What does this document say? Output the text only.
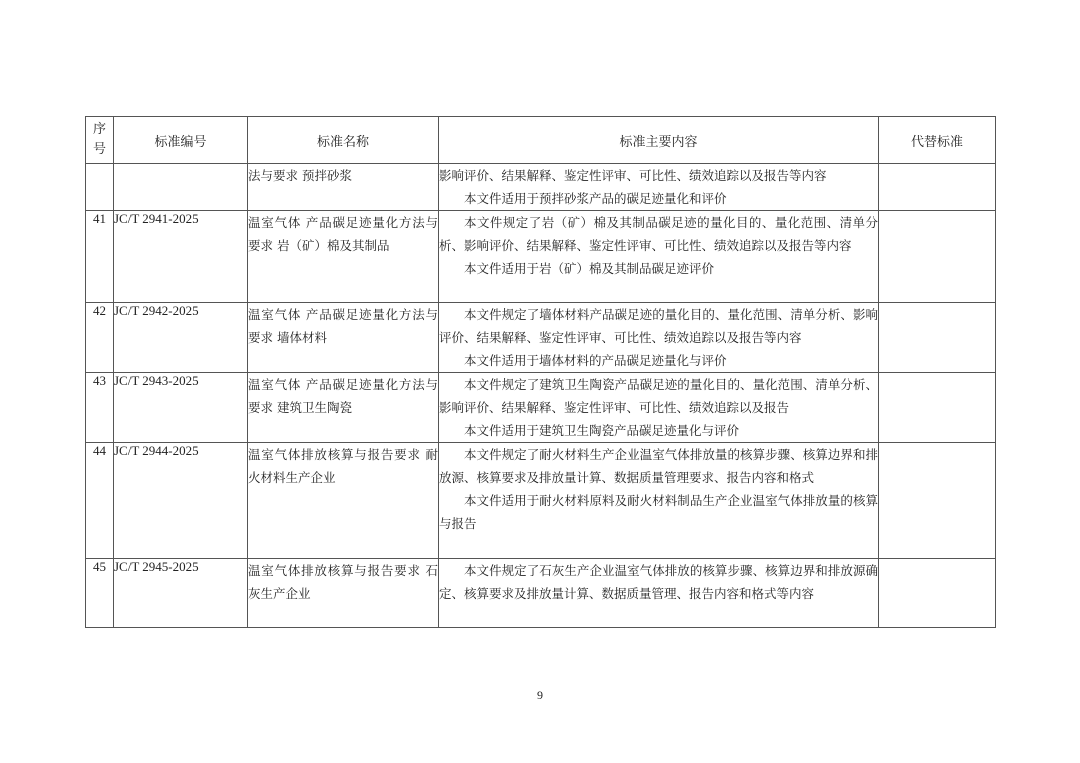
序
号	标准编号	标准名称	标准主要内容	代替标准
		法与要求 预拌砂浆	影响评价、结果解释、鉴定性评审、可比性、绩效追踪以及报告等内容

本文件适用于预拌砂浆产品的碳足迹量化和评价	

41	JC/T 2941-2025	温室气体 产品碳足迹量化方法与要求 岩（矿）棉及其制品	本文件规定了岩（矿）棉及其制品碳足迹的量化目的、量化范围、清单分析、影响评价、结果解释、鉴定性评审、可比性、绩效追踪以及报告等内容

本文件适用于岩（矿）棉及其制品碳足迹评价	

42	JC/T 2942-2025	温室气体 产品碳足迹量化方法与要求 墙体材料	本文件规定了墙体材料产品碳足迹的量化目的、量化范围、清单分析、影响评价、结果解释、鉴定性评审、可比性、绩效追踪以及报告等内容

本文件适用于墙体材料的产品碳足迹量化与评价	

43	JC/T 2943-2025	温室气体 产品碳足迹量化方法与要求 建筑卫生陶瓷	本文件规定了建筑卫生陶瓷产品碳足迹的量化目的、量化范围、清单分析、影响评价、结果解释、鉴定性评审、可比性、绩效追踪以及报告

本文件适用于建筑卫生陶瓷产品碳足迹量化与评价	

44	JC/T 2944-2025	温室气体排放核算与报告要求 耐火材料生产企业	本文件规定了耐火材料生产企业温室气体排放量的核算步骤、核算边界和排放源、核算要求及排放量计算、数据质量管理要求、报告内容和格式

本文件适用于耐火材料原料及耐火材料制品生产企业温室气体排放量的核算与报告	

45	JC/T 2945-2025	温室气体排放核算与报告要求 石灰生产企业	本文件规定了石灰生产企业温室气体排放的核算步骤、核算边界和排放源确定、核算要求及排放量计算、数据质量管理、报告内容和格式等内容	

9
